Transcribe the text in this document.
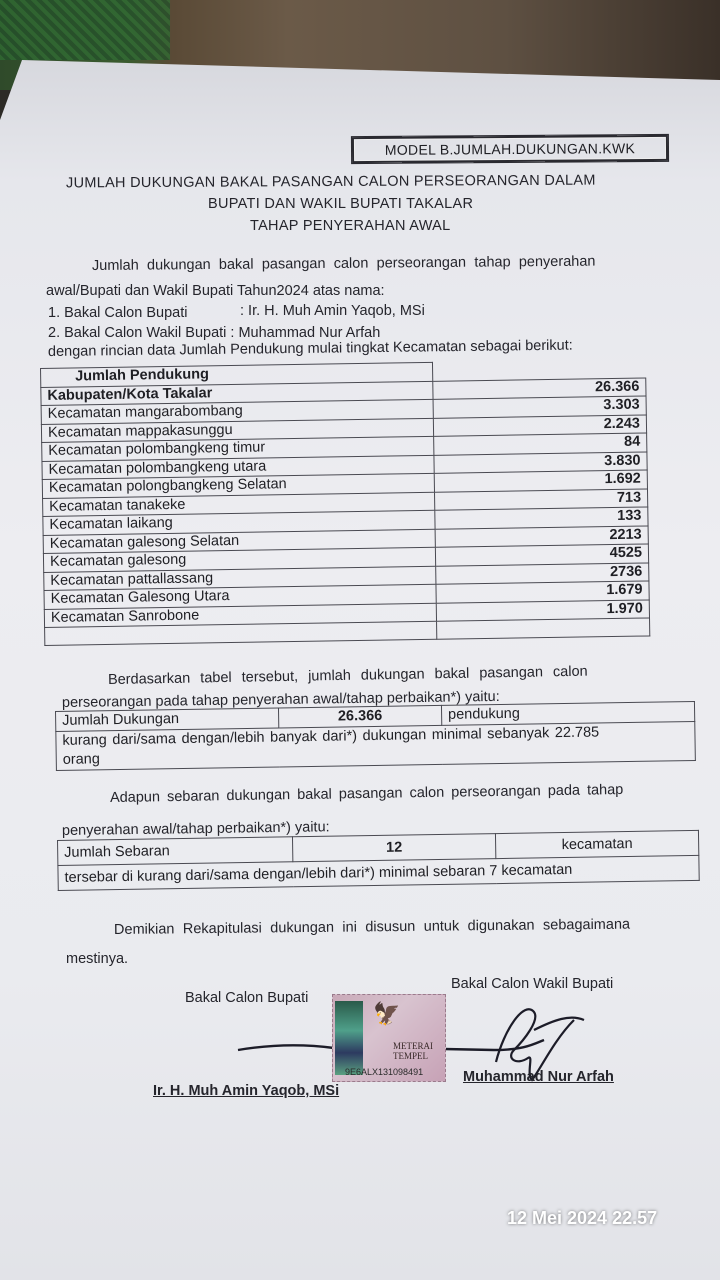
MODEL B.JUMLAH.DUKUNGAN.KWK
JUMLAH DUKUNGAN BAKAL PASANGAN CALON PERSEORANGAN DALAM
BUPATI DAN WAKIL BUPATI TAKALAR
TAHAP PENYERAHAN AWAL
Jumlah dukungan bakal pasangan calon perseorangan tahap penyerahan
awal/Bupati dan Wakil Bupati Tahun2024 atas nama:
1. Bakal Calon Bupati	: Ir. H. Muh Amin Yaqob, MSi
2. Bakal Calon Wakil Bupati : Muhammad Nur Arfah
dengan rincian data Jumlah Pendukung mulai tingkat Kecamatan sebagai berikut:
Jumlah Pendukung	
Kabupaten/Kota Takalar	26.366
Kecamatan mangarabombang	3.303
Kecamatan mappakasunggu	2.243
Kecamatan polombangkeng timur	84
Kecamatan polombangkeng utara	3.830
Kecamatan polongbangkeng Selatan	1.692
Kecamatan tanakeke	713
Kecamatan laikang	133
Kecamatan galesong Selatan	2213
Kecamatan galesong	4525
Kecamatan pattallassang	2736
Kecamatan Galesong Utara	1.679
Kecamatan Sanrobone	1.970

Berdasarkan tabel tersebut, jumlah dukungan bakal pasangan calon
perseorangan pada tahap penyerahan awal/tahap perbaikan*) yaitu:
Jumlah Dukungan	26.366	pendukung

kurang dari/sama dengan/lebih banyak dari*) dukungan minimal sebanyak 22.785
orang
Adapun sebaran dukungan bakal pasangan calon perseorangan pada tahap
penyerahan awal/tahap perbaikan*) yaitu:
Jumlah Sebaran	12	kecamatan
tersebar di kurang dari/sama dengan/lebih dari*) minimal sebaran 7 kecamatan
Demikian Rekapitulasi dukungan ini disusun untuk digunakan sebagaimana
mestinya.
Bakal Calon Bupati
Bakal Calon Wakil Bupati
🦅
METERAI
TEMPEL
9E6ALX131098491
Ir. H. Muh Amin Yaqob, MSi
Muhammad Nur Arfah
12 Mei 2024 22.57
